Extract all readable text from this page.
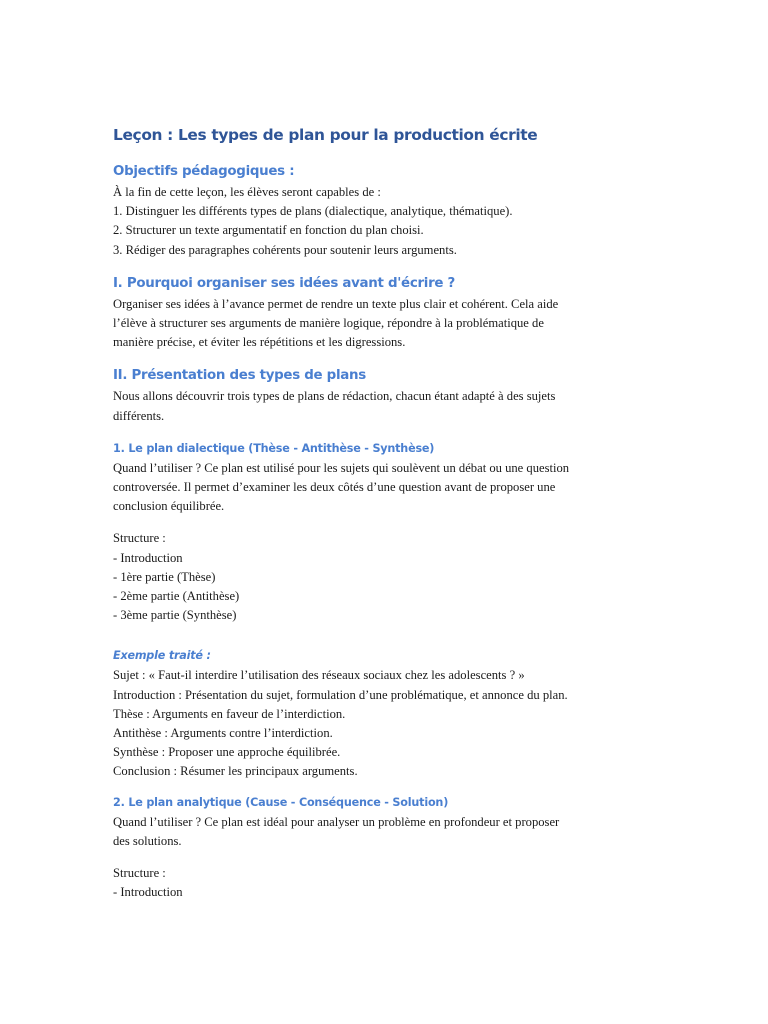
Leçon : Les types de plan pour la production écrite
Objectifs pédagogiques :

À la fin de cette leçon, les élèves seront capables de :
1. Distinguer les différents types de plans (dialectique, analytique, thématique).
2. Structurer un texte argumentatif en fonction du plan choisi.
3. Rédiger des paragraphes cohérents pour soutenir leurs arguments.

I. Pourquoi organiser ses idées avant d'écrire ?

Organiser ses idées à l’avance permet de rendre un texte plus clair et cohérent. Cela aide
l’élève à structurer ses arguments de manière logique, répondre à la problématique de
manière précise, et éviter les répétitions et les digressions.

II. Présentation des types de plans

Nous allons découvrir trois types de plans de rédaction, chacun étant adapté à des sujets
différents.

1. Le plan dialectique (Thèse - Antithèse - Synthèse)

Quand l’utiliser ? Ce plan est utilisé pour les sujets qui soulèvent un débat ou une question
controversée. Il permet d’examiner les deux côtés d’une question avant de proposer une
conclusion équilibrée.

Structure :
- Introduction
- 1ère partie (Thèse)
- 2ème partie (Antithèse)
- 3ème partie (Synthèse)

Exemple traité :

Sujet : « Faut-il interdire l’utilisation des réseaux sociaux chez les adolescents ? »
Introduction : Présentation du sujet, formulation d’une problématique, et annonce du plan.
Thèse : Arguments en faveur de l’interdiction.
Antithèse : Arguments contre l’interdiction.
Synthèse : Proposer une approche équilibrée.
Conclusion : Résumer les principaux arguments.

2. Le plan analytique (Cause - Conséquence - Solution)

Quand l’utiliser ? Ce plan est idéal pour analyser un problème en profondeur et proposer
des solutions.

Structure :
- Introduction
